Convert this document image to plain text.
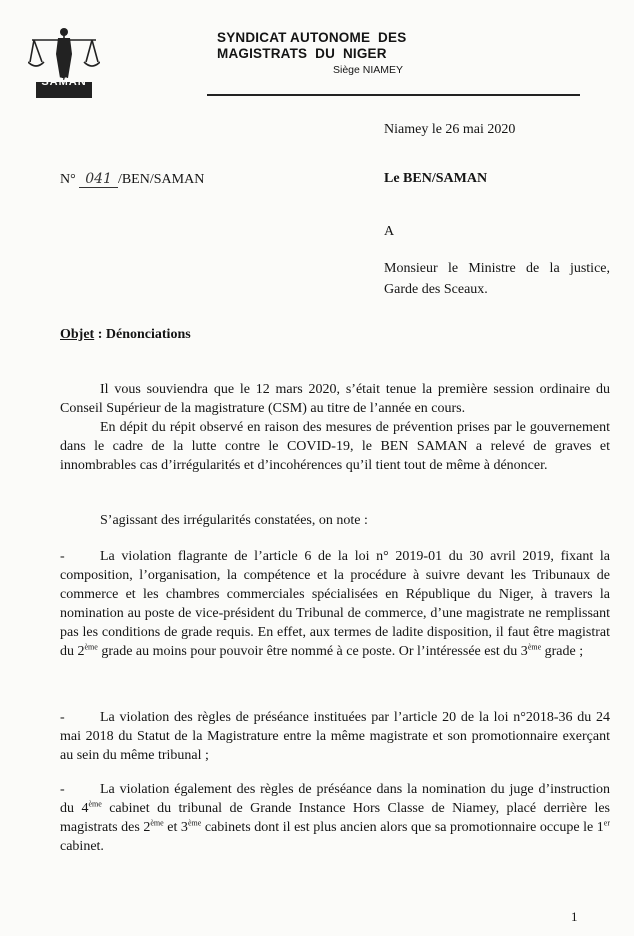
SAMAN
SYNDICAT AUTONOME  DES
MAGISTRATS  DU  NIGER
Siège NIAMEY
Niamey le 26 mai 2020
N° 041 /BEN/SAMAN	Le BEN/SAMAN
A
Monsieur le Ministre de la justice, Garde des Sceaux.
Objet : Dénonciations
Il vous souviendra que le 12 mars 2020, s’était tenue la première session ordinaire du Conseil Supérieur de la magistrature (CSM) au titre de l’année en cours.
En dépit du répit observé en raison des mesures de prévention prises par le gouvernement dans le cadre de la lutte contre le COVID-19, le BEN SAMAN a relevé de graves et innombrables cas d’irrégularités et d’incohérences qu’il tient tout de même à dénoncer.
S’agissant des irrégularités constatées, on note :
-	La violation flagrante de l’article 6 de la loi n° 2019-01 du 30 avril 2019, fixant la composition, l’organisation, la compétence et la procédure à suivre devant les Tribunaux de commerce et les chambres commerciales spécialisées en République du Niger, à travers la nomination au poste de vice-président du Tribunal de commerce, d’une magistrate ne remplissant pas les conditions de grade requis. En effet, aux termes de ladite disposition, il faut être magistrat du 2ème grade au moins pour pouvoir être nommé à ce poste. Or l’intéressée est du 3ème grade ;
-	La violation des règles de préséance instituées par l’article 20 de la loi n°2018-36 du 24 mai 2018 du Statut de la Magistrature entre la même magistrate et son promotionnaire exerçant au sein du même tribunal ;
-	La violation également des règles de préséance dans la nomination du juge d’instruction du 4ème cabinet du tribunal de Grande Instance Hors Classe de Niamey, placé derrière les magistrats des 2ème et 3ème cabinets dont il est plus ancien alors que sa promotionnaire occupe le 1er cabinet.
1
